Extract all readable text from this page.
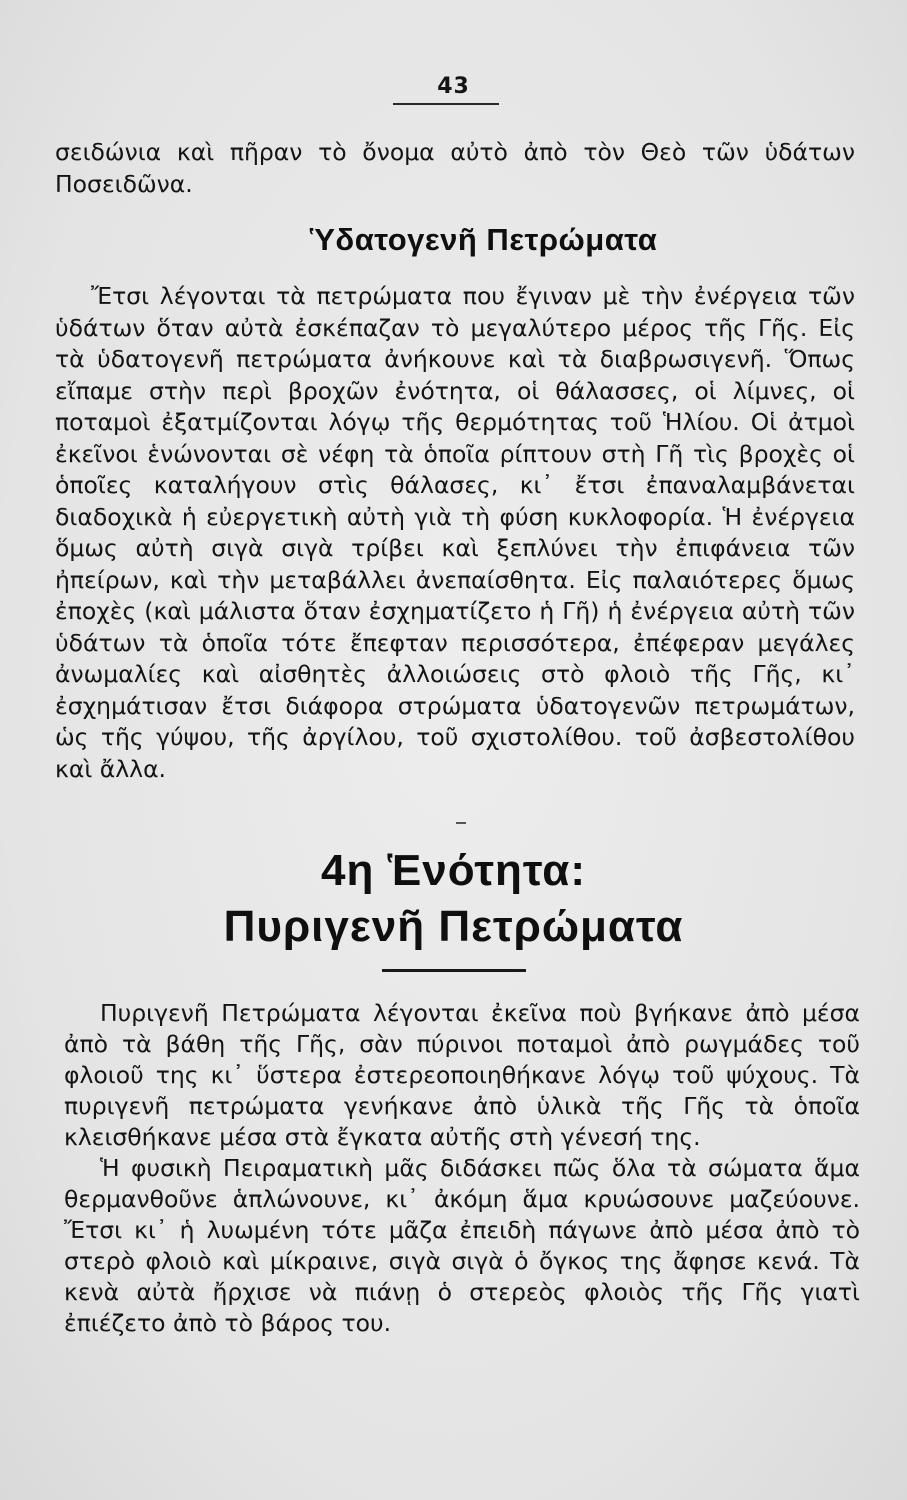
43

σειδώνια καὶ πῆραν τὸ ὄνομα αὐτὸ ἀπὸ τὸν Θεὸ τῶν ὑδάτων Ποσειδῶνα.

Ὑδατογενῆ Πετρώματα

Ἔτσι λέγονται τὰ πετρώματα που ἔγιναν μὲ τὴν ἐνέργεια τῶν ὑδάτων ὅταν αὐτὰ ἐσκέπαζαν τὸ μεγαλύτερο μέρος τῆς Γῆς. Εἰς τὰ ὑδατογενῆ πετρώματα ἀνήκουνε καὶ τὰ διαβρωσιγενῆ. Ὅπως εἴπαμε στὴν περὶ βροχῶν ἐνότητα, οἱ θάλασσες, οἱ λίμνες, οἱ ποταμοὶ ἐξατμίζονται λόγῳ τῆς θερμότητας τοῦ Ἡλίου. Οἱ ἀτμοὶ ἐκεῖνοι ἑνώνονται σὲ νέφη τὰ ὁποῖα ρίπτουν στὴ Γῆ τὶς βροχὲς οἱ ὁποῖες καταλήγουν στὶς θάλασες, κι᾽ ἔτσι ἐπαναλαμβάνεται διαδοχικὰ ἡ εὐεργετικὴ αὐτὴ γιὰ τὴ φύση κυκλοφορία. Ἡ ἐνέργεια ὅμως αὐτὴ σιγὰ σιγὰ τρίβει καὶ ξεπλύνει τὴν ἐπιφάνεια τῶν ἠπείρων, καὶ τὴν μεταβάλλει ἀνεπαίσθητα. Εἰς παλαιότερες ὅμως ἐποχὲς (καὶ μάλιστα ὅταν ἐσχηματίζετο ἡ Γῆ) ἡ ἐνέργεια αὐτὴ τῶν ὑδάτων τὰ ὁποῖα τότε ἔπεφταν περισσότερα, ἐπέφεραν μεγάλες ἀνωμαλίες καὶ αἰσθητὲς ἀλλοιώσεις στὸ φλοιὸ τῆς Γῆς, κι᾽ ἐσχημάτισαν ἔτσι διάφορα στρώματα ὑδατογενῶν πετρωμάτων, ὡς τῆς γύψου, τῆς ἀργίλου, τοῦ σχιστολίθου. τοῦ ἀσβεστολίθου καὶ ἄλλα.

4η Ἑνότητα:
Πυριγενῆ Πετρώματα

Πυριγενῆ Πετρώματα λέγονται ἐκεῖνα ποὺ βγήκανε ἀπὸ μέσα ἀπὸ τὰ βάθη τῆς Γῆς, σὰν πύρινοι ποταμοὶ ἀπὸ ρωγμάδες τοῦ φλοιοῦ της κι᾽ ὕστερα ἐστερεοποιηθήκανε λόγῳ τοῦ ψύχους. Τὰ πυριγενῆ πετρώματα γενήκανε ἀπὸ ὑλικὰ τῆς Γῆς τὰ ὁποῖα κλεισθήκανε μέσα στὰ ἔγκατα αὐτῆς στὴ γένεσή της.

Ἡ φυσικὴ Πειραματικὴ μᾶς διδάσκει πῶς ὅλα τὰ σώματα ἅμα θερμανθοῦνε ἁπλώνουνε, κι᾽ ἀκόμη ἅμα κρυώσουνε μαζεύουνε. Ἔτσι κι᾽ ἡ λυωμένη τότε μᾶζα ἐπειδὴ πάγωνε ἀπὸ μέσα ἀπὸ τὸ στερὸ φλοιὸ καὶ μίκραινε, σιγὰ σιγὰ ὁ ὄγκος της ἄφησε κενά. Τὰ κενὰ αὐτὰ ἤρχισε νὰ πιάνῃ ὁ στερεὸς φλοιὸς τῆς Γῆς γιατὶ ἐπιέζετο ἀπὸ τὸ βάρος του.
